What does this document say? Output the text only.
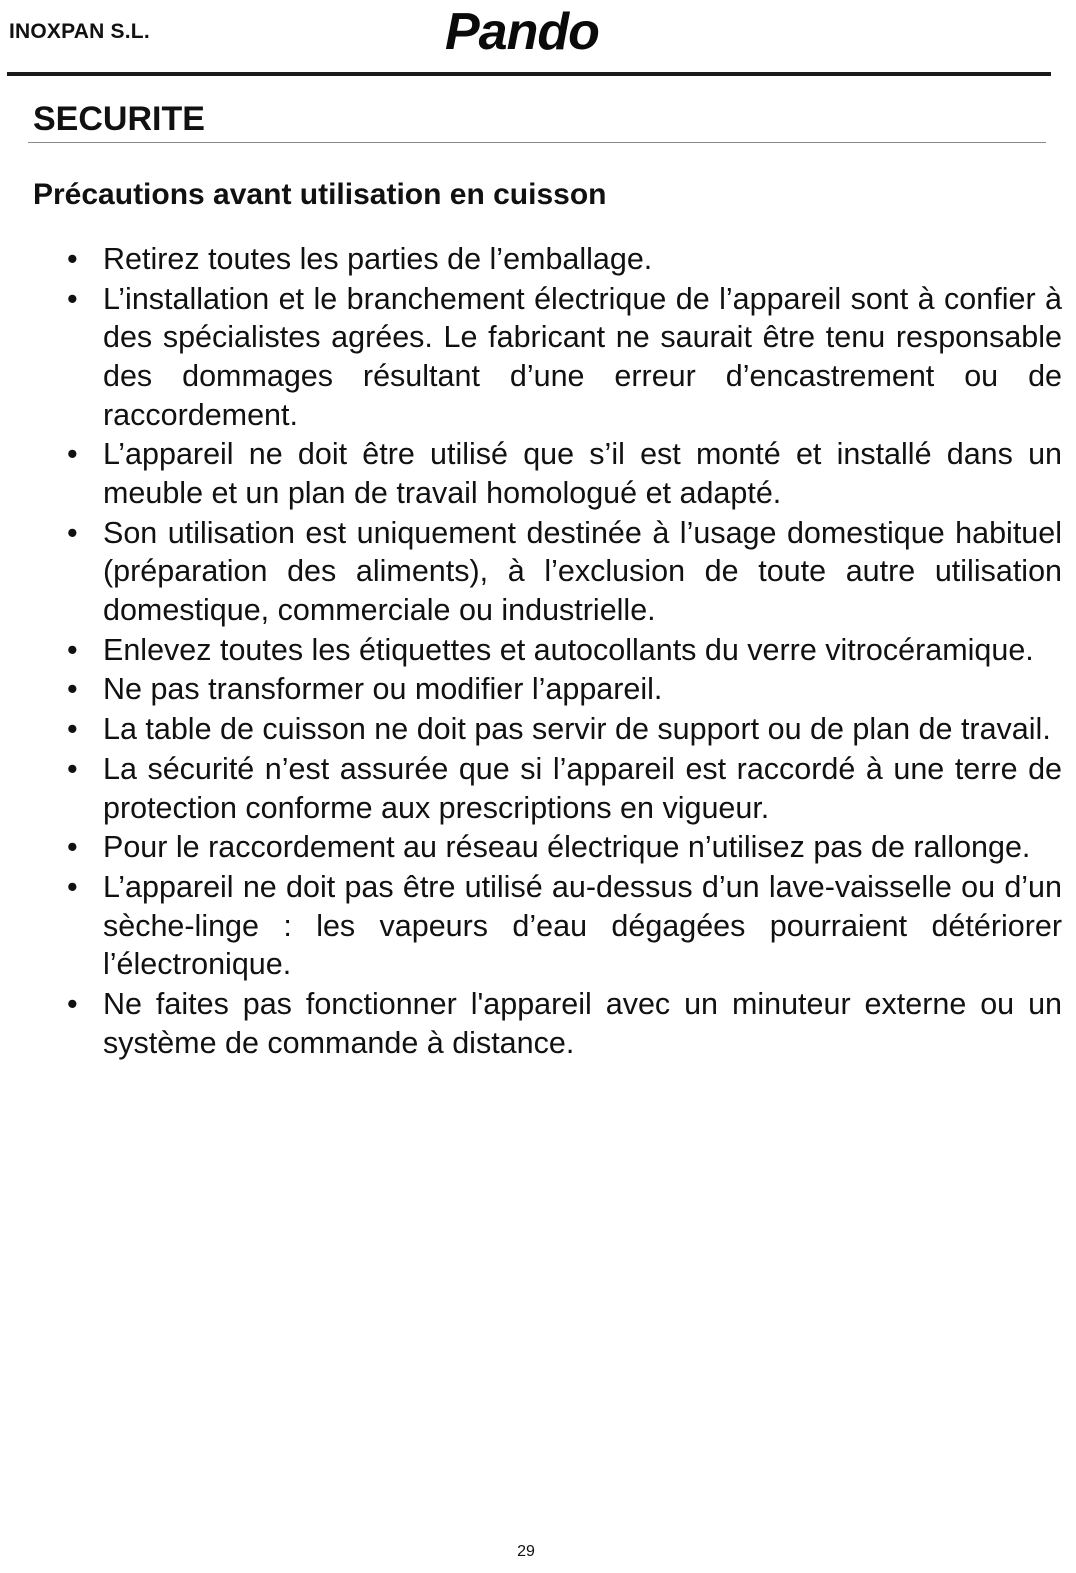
INOXPAN S.L.	Pando
SECURITE
Précautions avant utilisation en cuisson
• Retirez toutes les parties de l’emballage.
• L’installation et le branchement électrique de l’appareil sont à confier à des spécialistes agrées. Le fabricant ne saurait être tenu responsable des dommages résultant d’une erreur d’encastrement ou de raccordement.
• L’appareil ne doit être utilisé que s’il est monté et installé dans un meuble et un plan de travail homologué et adapté.
• Son utilisation est uniquement destinée à l’usage domestique habituel (préparation des aliments), à l’exclusion de toute autre utilisation domestique, commerciale ou industrielle.
• Enlevez toutes les étiquettes et autocollants du verre vitrocéramique.
• Ne pas transformer ou modifier l’appareil.
• La table de cuisson ne doit pas servir de support ou de plan de travail.
• La sécurité n’est assurée que si l’appareil est raccordé à une terre de protection conforme aux prescriptions en vigueur.
• Pour le raccordement au réseau électrique n’utilisez pas de rallonge.
• L’appareil ne doit pas être utilisé au-dessus d’un lave-vaisselle ou d’un sèche-linge : les vapeurs d’eau dégagées pourraient détériorer l’électronique.
• Ne faites pas fonctionner l'appareil avec un minuteur externe ou un système de commande à distance.
29
